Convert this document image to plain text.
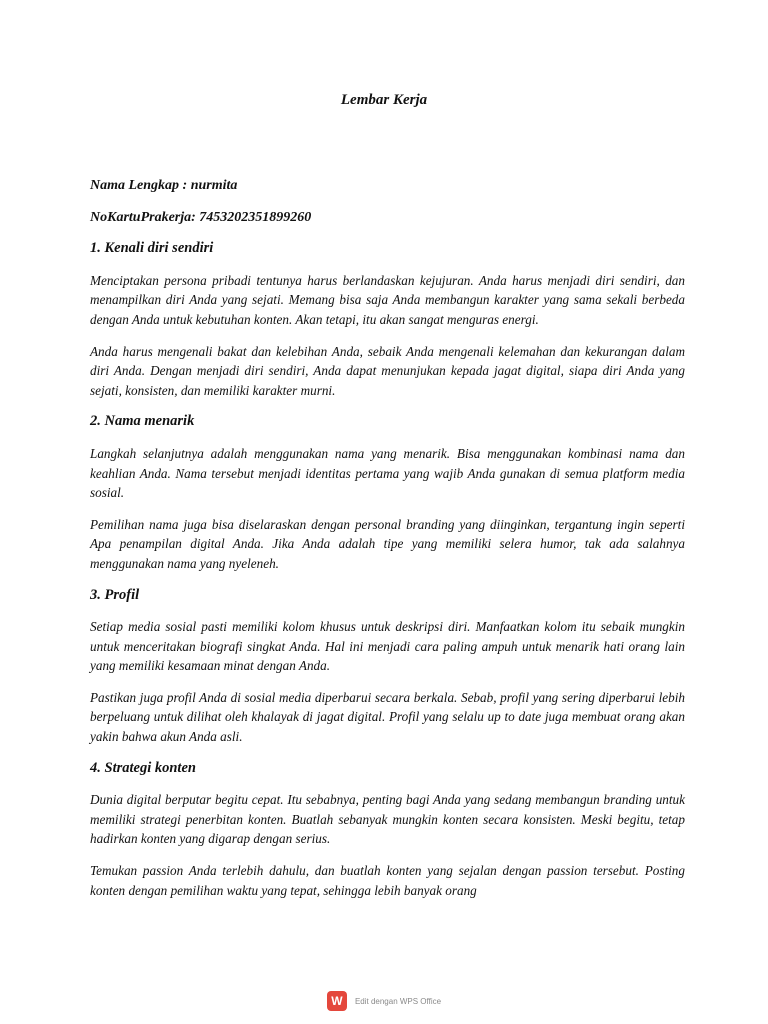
Lembar Kerja

Nama Lengkap : nurmita

NoKartuPrakerja: 7453202351899260

1. Kenali diri sendiri

Menciptakan persona pribadi tentunya harus berlandaskan kejujuran. Anda harus menjadi diri sendiri, dan menampilkan diri Anda yang sejati. Memang bisa saja Anda membangun karakter yang sama sekali berbeda dengan Anda untuk kebutuhan konten. Akan tetapi, itu akan sangat menguras energi.

Anda harus mengenali bakat dan kelebihan Anda, sebaik Anda mengenali kelemahan dan kekurangan dalam diri Anda. Dengan menjadi diri sendiri, Anda dapat menunjukan kepada jagat digital, siapa diri Anda yang sejati, konsisten, dan memiliki karakter murni.

2. Nama menarik

Langkah selanjutnya adalah menggunakan nama yang menarik. Bisa menggunakan kombinasi nama dan keahlian Anda. Nama tersebut menjadi identitas pertama yang wajib Anda gunakan di semua platform media sosial.

Pemilihan nama juga bisa diselaraskan dengan personal branding yang diinginkan, tergantung ingin seperti Apa penampilan digital Anda. Jika Anda adalah tipe yang memiliki selera humor, tak ada salahnya menggunakan nama yang nyeleneh.

3. Profil

Setiap media sosial pasti memiliki kolom khusus untuk deskripsi diri. Manfaatkan kolom itu sebaik mungkin untuk menceritakan biografi singkat Anda. Hal ini menjadi cara paling ampuh untuk menarik hati orang lain yang memiliki kesamaan minat dengan Anda.

Pastikan juga profil Anda di sosial media diperbarui secara berkala. Sebab, profil yang sering diperbarui lebih berpeluang untuk dilihat oleh khalayak di jagat digital. Profil yang selalu up to date juga membuat orang akan yakin bahwa akun Anda asli.

4. Strategi konten

Dunia digital berputar begitu cepat. Itu sebabnya, penting bagi Anda yang sedang membangun branding untuk memiliki strategi penerbitan konten. Buatlah sebanyak mungkin konten secara konsisten. Meski begitu, tetap hadirkan konten yang digarap dengan serius.

Temukan passion Anda terlebih dahulu, dan buatlah konten yang sejalan dengan passion tersebut. Posting konten dengan pemilihan waktu yang tepat, sehingga lebih banyak orang

W	Edit dengan WPS Office
